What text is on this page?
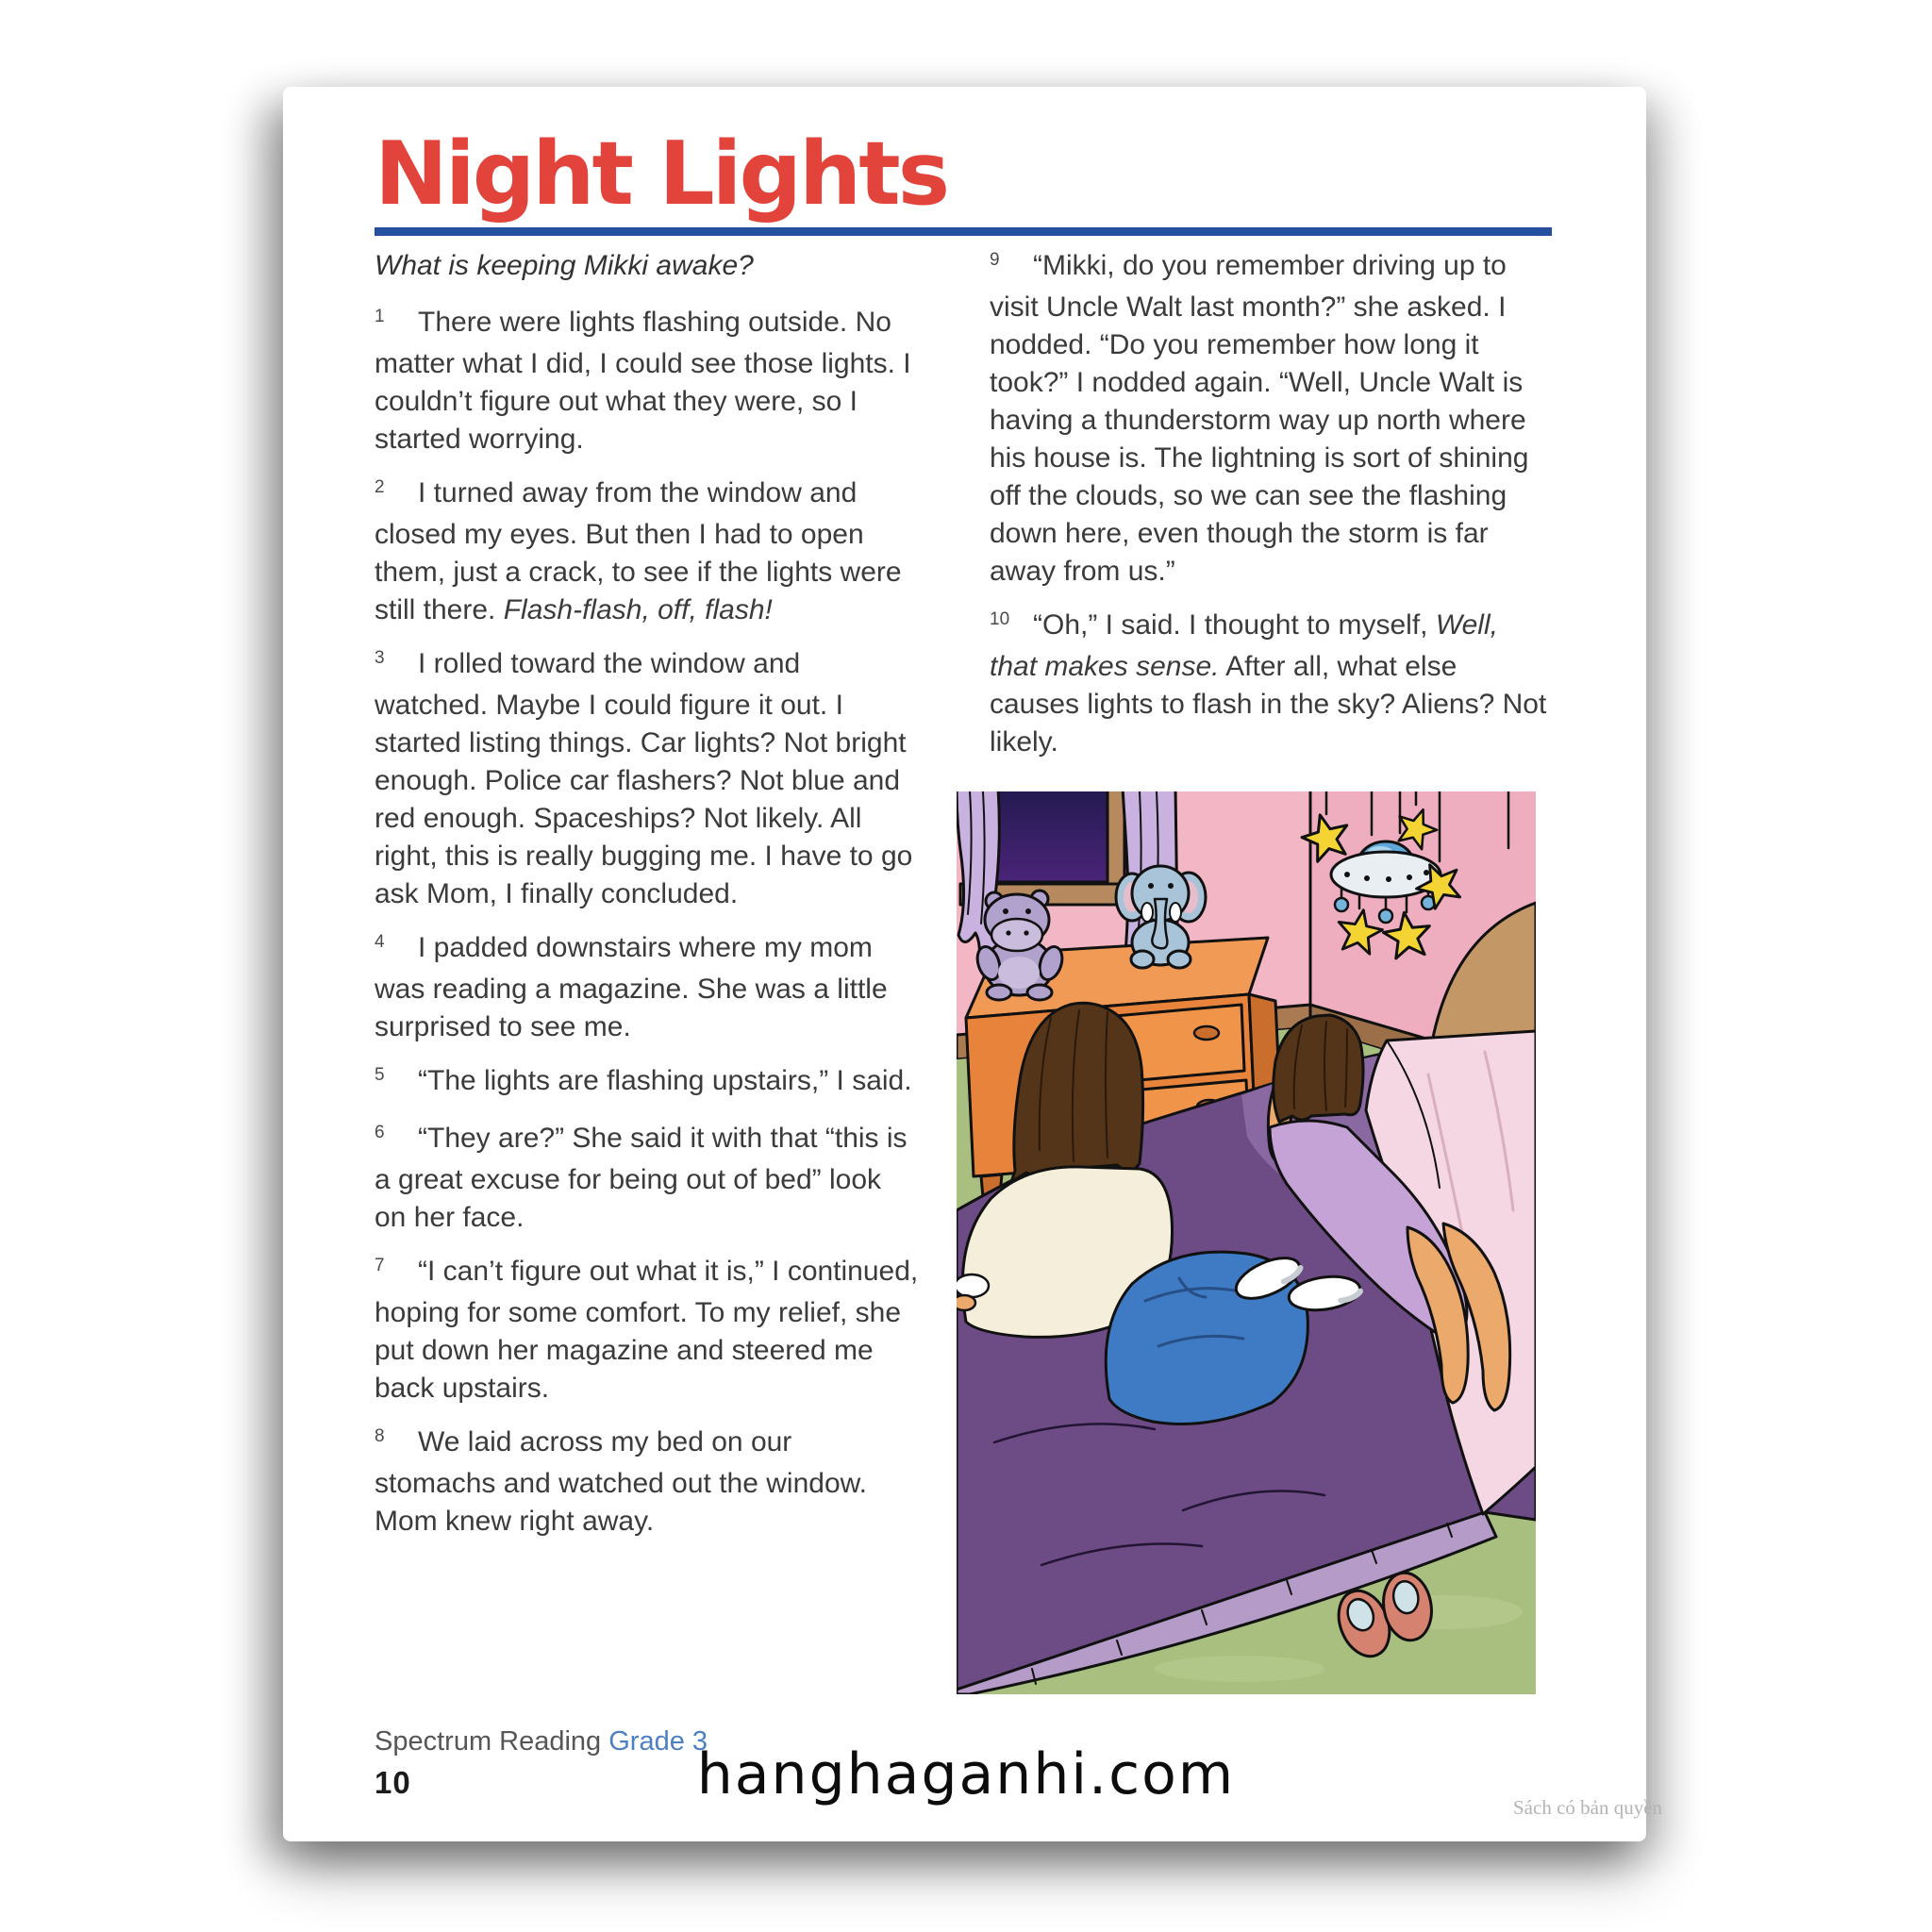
Night Lights

What is keeping Mikki awake?

1 There were lights flashing outside. No matter what I did, I could see those lights. I couldn’t figure out what they were, so I started worrying.

2 I turned away from the window and closed my eyes. But then I had to open them, just a crack, to see if the lights were still there. Flash-flash, off, flash!

3 I rolled toward the window and watched. Maybe I could figure it out. I started listing things. Car lights? Not bright enough. Police car flashers? Not blue and red enough. Spaceships? Not likely. All right, this is really bugging me. I have to go ask Mom, I finally concluded.

4 I padded downstairs where my mom was reading a magazine. She was a little surprised to see me.

5 “The lights are flashing upstairs,” I said.

6 “They are?” She said it with that “this is a great excuse for being out of bed” look on her face.

7 “I can’t figure out what it is,” I continued, hoping for some comfort. To my relief, she put down her magazine and steered me back upstairs.

8 We laid across my bed on our stomachs and watched out the window. Mom knew right away.

9 “Mikki, do you remember driving up to visit Uncle Walt last month?” she asked. I nodded. “Do you remember how long it took?” I nodded again. “Well, Uncle Walt is having a thunderstorm way up north where his house is. The lightning is sort of shining off the clouds, so we can see the flashing down here, even though the storm is far away from us.”

10 “Oh,” I said. I thought to myself, Well, that makes sense. After all, what else causes lights to flash in the sky? Aliens? Not likely.

Spectrum Reading Grade 3
10	hanghaganhi.com	Sách có bản quyền
